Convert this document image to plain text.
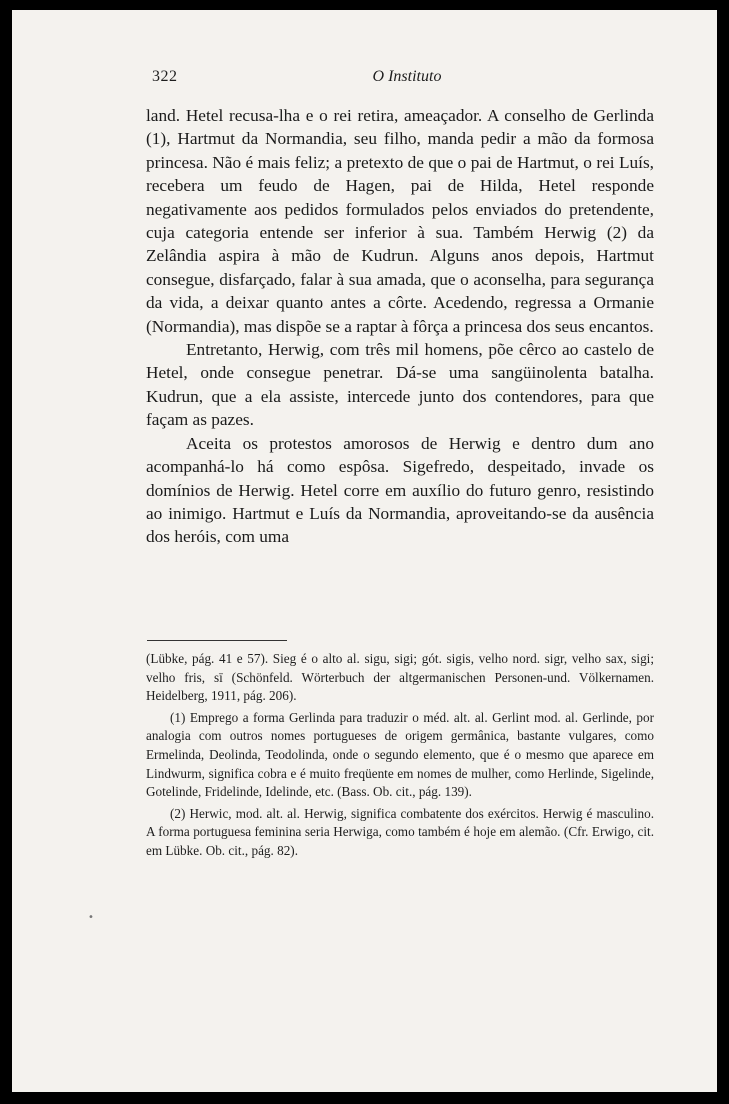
322	O Instituto

land. Hetel recusa-lha e o rei retira, ameaçador. A conselho de Gerlinda (1), Hartmut da Normandia, seu filho, manda pedir a mão da formosa princesa. Não é mais feliz; a pretexto de que o pai de Hartmut, o rei Luís, recebera um feudo de Hagen, pai de Hilda, Hetel responde negativamente aos pedidos formulados pelos enviados do pretendente, cuja categoria entende ser inferior à sua. Também Herwig (2) da Zelândia aspira à mão de Kudrun. Alguns anos depois, Hartmut consegue, disfarçado, falar à sua amada, que o aconselha, para segurança da vida, a deixar quanto antes a côrte. Acedendo, regressa a Ormanie (Normandia), mas dispõe se a raptar à fôrça a princesa dos seus encantos.

Entretanto, Herwig, com três mil homens, põe cêrco ao castelo de Hetel, onde consegue penetrar. Dá-se uma sangüinolenta batalha. Kudrun, que a ela assiste, intercede junto dos contendores, para que façam as pazes.

Aceita os protestos amorosos de Herwig e dentro dum ano acompanhá-lo há como espôsa. Sigefredo, despeitado, invade os domínios de Herwig. Hetel corre em auxílio do futuro genro, resistindo ao inimigo. Hartmut e Luís da Normandia, aproveitando-se da ausência dos heróis, com uma

(Lübke, pág. 41 e 57). Sieg é o alto al. sigu, sigi; gót. sigis, velho nord. sigr, velho sax, sigi; velho fris, sī (Schönfeld. Wörterbuch der altgermanischen Personen-und. Völkernamen. Heidelberg, 1911, pág. 206).

(1) Emprego a forma Gerlinda para traduzir o méd. alt. al. Gerlint mod. al. Gerlinde, por analogia com outros nomes portugueses de origem germânica, bastante vulgares, como Ermelinda, Deolinda, Teodolinda, onde o segundo elemento, que é o mesmo que aparece em Lindwurm, significa cobra e é muito freqüente em nomes de mulher, como Herlinde, Sigelinde, Gotelinde, Fridelinde, Idelinde, etc. (Bass. Ob. cit., pág. 139).

(2) Herwic, mod. alt. al. Herwig, significa combatente dos exércitos. Herwig é masculino. A forma portuguesa feminina seria Herwiga, como também é hoje em alemão. (Cfr. Erwigo, cit. em Lübke. Ob. cit., pág. 82).

•
